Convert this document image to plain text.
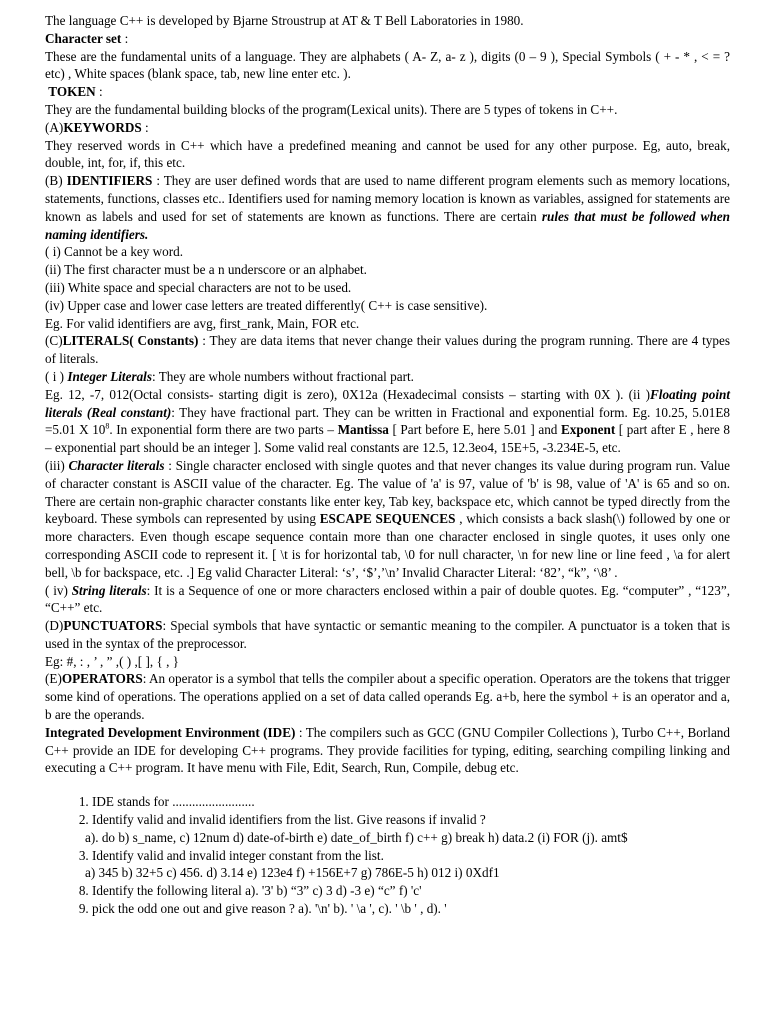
The language C++ is developed by Bjarne Stroustrup at AT & T Bell Laboratories in 1980.

Character set :

These are the fundamental units of a language. They are alphabets ( A- Z, a- z ), digits (0 – 9 ), Special Symbols ( + - * , < = ? etc) , White spaces (blank space, tab, new line enter etc. ).

TOKEN :

They are the fundamental building blocks of the program(Lexical units). There are 5 types of tokens in C++.

(A)KEYWORDS :

They reserved words in C++ which have a predefined meaning and cannot be used for any other purpose. Eg, auto, break, double, int, for, if, this etc.

(B) IDENTIFIERS : They are user defined words that are used to name different program elements such as memory locations, statements, functions, classes etc.. Identifiers used for naming memory location is known as variables, assigned for statements are known as labels and used for set of statements are known as functions. There are certain rules that must be followed when naming identifiers.

( i) Cannot be a key word.

(ii) The first character must be a n underscore or an alphabet.

(iii) White space and special characters are not to be used.

(iv) Upper case and lower case letters are treated differently( C++ is case sensitive).

Eg. For valid identifiers are avg, first_rank, Main, FOR etc.

(C)LITERALS( Constants) : They are data items that never change their values during the program running. There are 4 types of literals.

( i ) Integer Literals: They are whole numbers without fractional part.

Eg. 12, -7, 012(Octal consists- starting digit is zero), 0X12a (Hexadecimal consists – starting with 0X ). (ii )Floating point literals (Real constant): They have fractional part. They can be written in Fractional and exponential form. Eg. 10.25, 5.01E8 =5.01 X $10^8$. In exponential form there are two parts – Mantissa [ Part before E, here 5.01 ] and Exponent [ part after E , here 8 – exponential part should be an integer ]. Some valid real constants are 12.5, 12.3eo4, 15E+5, -3.234E-5, etc.

(iii) Character literals : Single character enclosed with single quotes and that never changes its value during program run. Value of character constant is ASCII value of the character. Eg. The value of 'a' is 97, value of 'b' is 98, value of 'A' is 65 and so on. There are certain non-graphic character constants like enter key, Tab key, backspace etc, which cannot be typed directly from the keyboard. These symbols can represented by using ESCAPE SEQUENCES , which consists a back slash(\) followed by one or more characters. Even though escape sequence contain more than one character enclosed in single quotes, it uses only one corresponding ASCII code to represent it. [ \t is for horizontal tab, \0 for null character, \n for new line or line feed , \a for alert bell, \b for backspace, etc. .] Eg valid Character Literal: ‘s’, ‘$’,’\n’ Invalid Character Literal: ‘82’, “k”, ‘\8’ .

( iv) String literals: It is a Sequence of one or more characters enclosed within a pair of double quotes. Eg. “computer” , “123”, “C++” etc.

(D)PUNCTUATORS: Special symbols that have syntactic or semantic meaning to the compiler. A punctuator is a token that is used in the syntax of the preprocessor.

Eg: #, : , ’ , ” ,( ) ,[ ], { , }

(E)OPERATORS: An operator is a symbol that tells the compiler about a specific operation. Operators are the tokens that trigger some kind of operations. The operations applied on a set of data called operands Eg. a+b, here the symbol + is an operator and a, b are the operands.

Integrated Development Environment (IDE) : The compilers such as GCC (GNU Compiler Collections ), Turbo C++, Borland C++ provide an IDE for developing C++ programs. They provide facilities for typing, editing, searching compiling linking and executing a C++ program. It have menu with File, Edit, Search, Run, Compile, debug etc.

1. IDE stands for .........................
2. Identify valid and invalid identifiers from the list. Give reasons if invalid ?

a). do b) s_name, c) 12num d) date-of-birth e) date_of_birth f) c++ g) break h) data.2 (i) FOR (j). amt$

3. Identify valid and invalid integer constant from the list.

a) 345 b) 32+5 c) 456. d) 3.14 e) 123e4 f) +156E+7 g) 786E-5 h) 012 i) 0Xdf1

8. Identify the following literal a). '3' b) “3” c) 3 d) -3 e) “c” f) 'c'
9. pick the odd one out and give reason ? a). '\n' b). ' \a ', c). ' \b ' , d). '
